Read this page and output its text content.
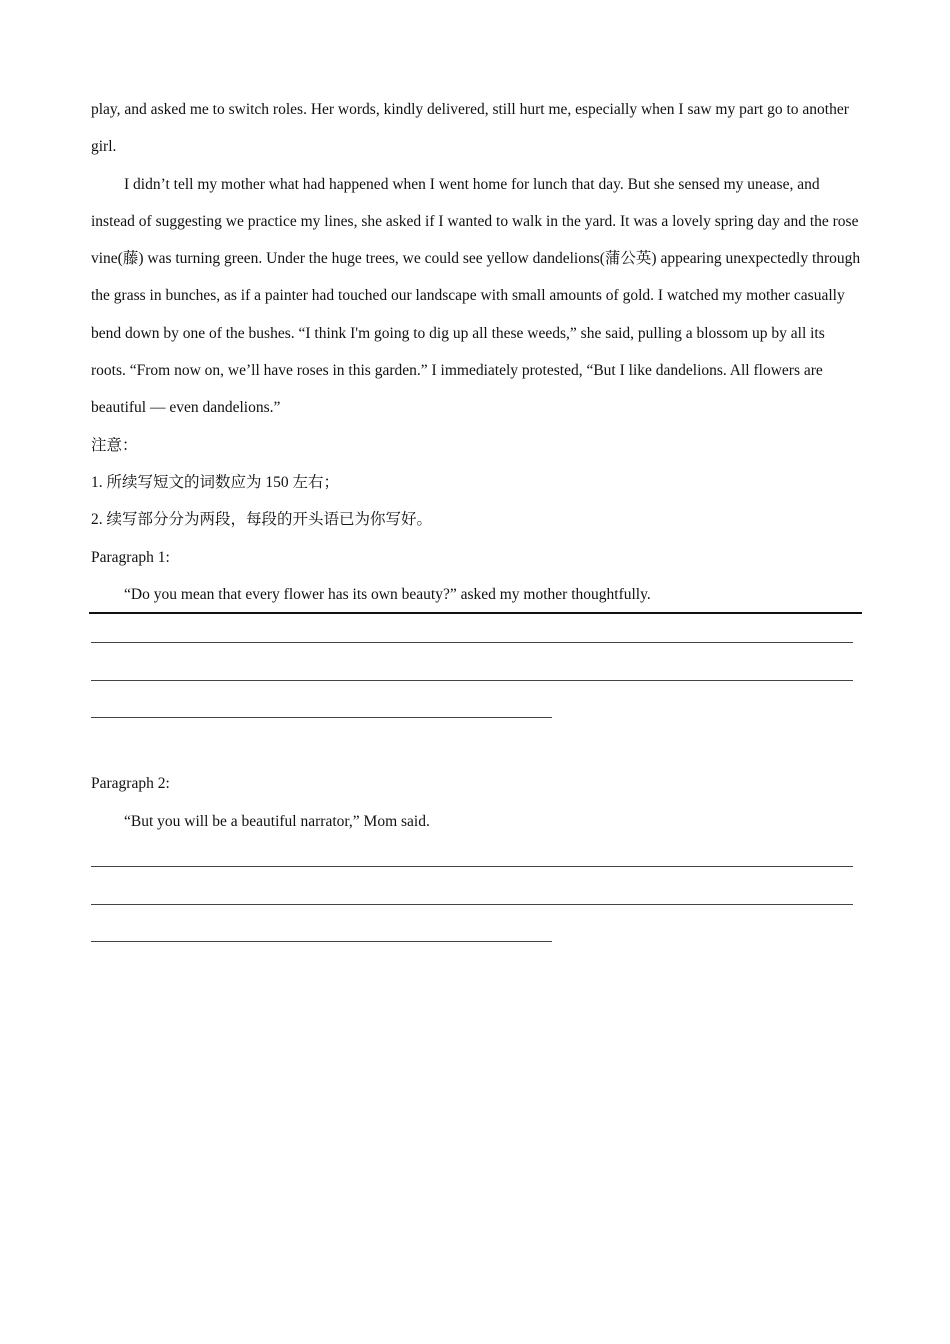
play, and asked me to switch roles. Her words, kindly delivered, still hurt me, especially when I saw my part go to another girl.

I didn’t tell my mother what had happened when I went home for lunch that day. But she sensed my unease, and instead of suggesting we practice my lines, she asked if I wanted to walk in the yard. It was a lovely spring day and the rose vine(藤) was turning green. Under the huge trees, we could see yellow dandelions(蒲公英) appearing unexpectedly through the grass in bunches, as if a painter had touched our landscape with small amounts of gold. I watched my mother casually bend down by one of the bushes. “I think I'm going to dig up all these weeds,” she said, pulling a blossom up by all its roots. “From now on, we’ll have roses in this garden.” I immediately protested, “But I like dandelions. All flowers are beautiful — even dandelions.”

注意：
1. 所续写短文的词数应为 150 左右；
2. 续写部分分为两段，每段的开头语已为你写好。
Paragraph 1:
“Do you mean that every flower has its own beauty?” asked my mother thoughtfully.
Paragraph 2:
“But you will be a beautiful narrator,” Mom said.
